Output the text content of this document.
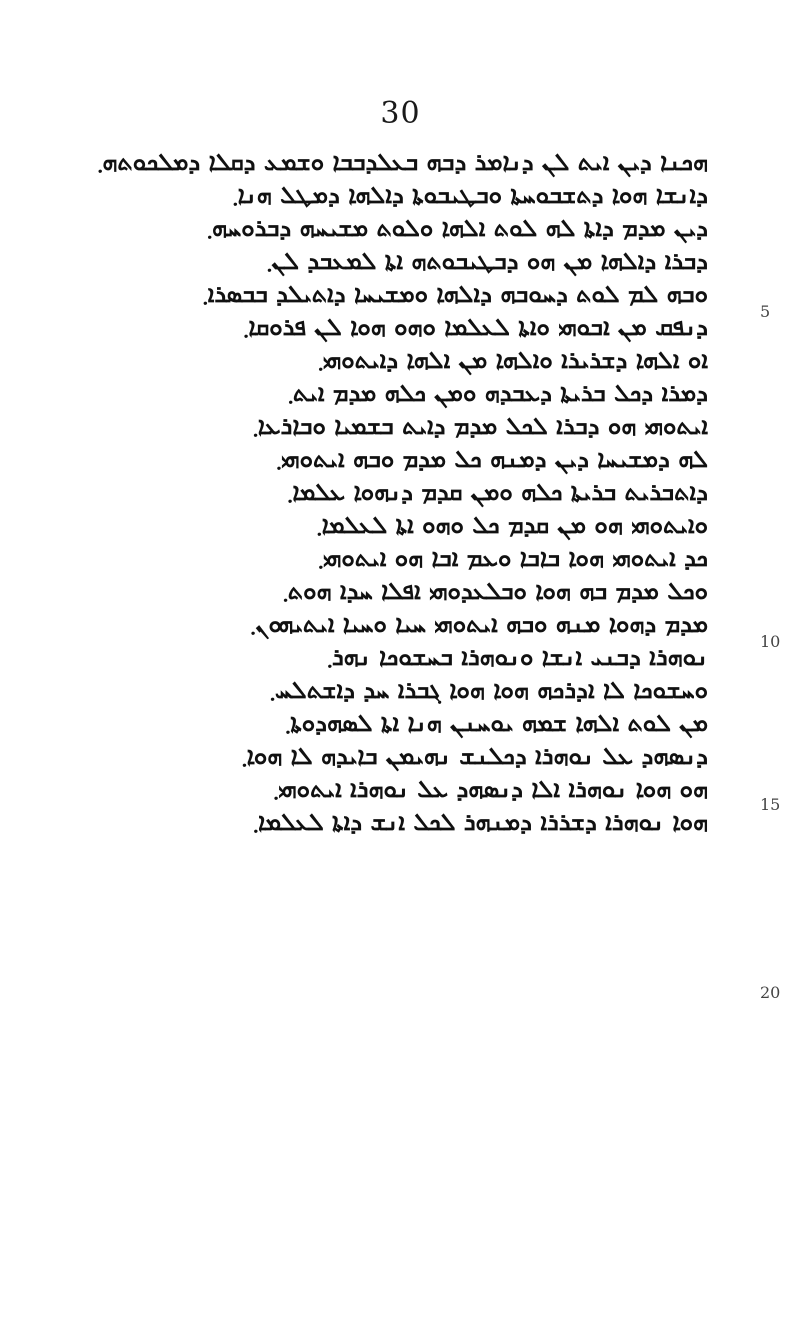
30
ܗܟܢܐ ܕܝܢ ܐܝܬ ܠܢ ܕܢܐܡܪ ܕܒܗ ܒܥܠܕܒܒܐ ܘܫܡܥ ܕܩܠܐ ܕܡܠܟܘܬܗ܂
ܕܐܢܫܐ ܗܘܐ ܕܬܫܒܘܚܬܐ ܘܒܛܝܒܘܬܐ ܕܐܠܗܐ ܕܡܛܠ ܗܢܐ܂
ܕܝܢ ܡܕܡ ܕܐܬܐ ܠܗ ܠܘܬ ܐܠܗܐ ܘܠܘܬ ܡܫܝܚܗ ܕܒܪܘܚܗ܂
ܕܒܪܐ ܕܐܠܗܐ ܡܢ ܗܘ ܕܒܛܝܒܘܬܗ ܐܬܐ ܠܡܥܒܕ ܠܢ܂
ܘܒܗ ܠܡ ܠܘܬ ܕܚܘܒܗ ܕܐܠܗܐ ܘܡܫܝܚܐ ܕܐܬܝܠܕ ܒܒܣܪܐ܂
ܕܢܦܩ ܡܢ ܐܒܘܗܝ ܘܐܬܐ ܠܥܠܡܐ ܘܗܘ ܗܘܐ ܠܢ ܦܪܘܩܐ܂
ܐܘ ܐܠܗܐ ܕܫܪܝܪܐ ܘܐܠܗܐ ܡܢ ܐܠܗܐ ܕܐܝܬܘܗܝ܂
ܕܡܪܐ ܕܟܠ ܒܪܝܬܐ ܕܥܒܕܗ ܘܡܢ ܟܠܗ ܡܕܡ ܐܝܬ܂
ܐܝܬܘܗܝ ܗܘ ܕܒܪܐ ܠܟܠ ܡܕܡ ܕܐܝܬ ܒܫܡܝܐ ܘܒܐܪܥܐ܂
ܠܗ ܕܡܫܝܚܐ ܕܝܢ ܕܡܢܗ ܟܠ ܡܕܡ ܘܒܗ ܐܝܬܘܗܝ܂
ܕܐܬܒܪܝܬ ܒܪܝܬܐ ܟܠܗ ܘܡܢ ܩܕܡ ܕܢܗܘܐ ܥܠܡܐ܂
ܘܐܝܬܘܗܝ ܗܘ ܡܢ ܩܕܡ ܟܠ ܘܗܘ ܐܬܐ ܠܥܠܡܐ܂
ܟܕ ܐܝܬܘܗܝ ܗܘܐ ܒܐܒܐ ܘܥܡ ܐܒܐ ܗܘ ܐܝܬܘܗܝ܂
ܘܟܠ ܡܕܡ ܒܗ ܗܘܐ ܘܒܠܥܕܘܗܝ ܐܦܠܐ ܚܕܐ ܗܘܬ܂
ܡܕܡ ܕܗܘܐ ܡܢܗ ܘܒܗ ܐܝܬܘܗܝ ܚܝܐ ܘܚܝܐ ܐܝܬܝܗܘܢ܂
ܢܘܗܪܐ ܕܒܢܝ ܐܢܫܐ ܘܢܘܗܪܐ ܒܚܫܘܟܐ ܢܗܪ܂
ܘܚܫܘܟܐ ܠܐ ܐܕܪܟܗ ܗܘܐ ܗܘܐ ܓܒܪܐ ܚܕ ܕܐܫܬܠܚ܂
ܡܢ ܠܘܬ ܐܠܗܐ ܫܡܗ ܝܘܚܢܢ ܗܢܐ ܐܬܐ ܠܣܗܕܘܬܐ܂
ܕܢܣܗܕ ܥܠ ܢܘܗܪܐ ܕܟܠܢܫ ܢܗܝܡܢ ܒܐܝܕܗ ܠܐ ܗܘܐ܂
ܗܘ ܗܘܐ ܢܘܗܪܐ ܐܠܐ ܕܢܣܗܕ ܥܠ ܢܘܗܪܐ ܐܝܬܘܗܝ܂
ܗܘܐ ܢܘܗܪܐ ܕܫܪܪܐ ܕܡܢܗܪ ܠܟܠ ܐܢܫ ܕܐܬܐ ܠܥܠܡܐ܂
5
10
15
20
